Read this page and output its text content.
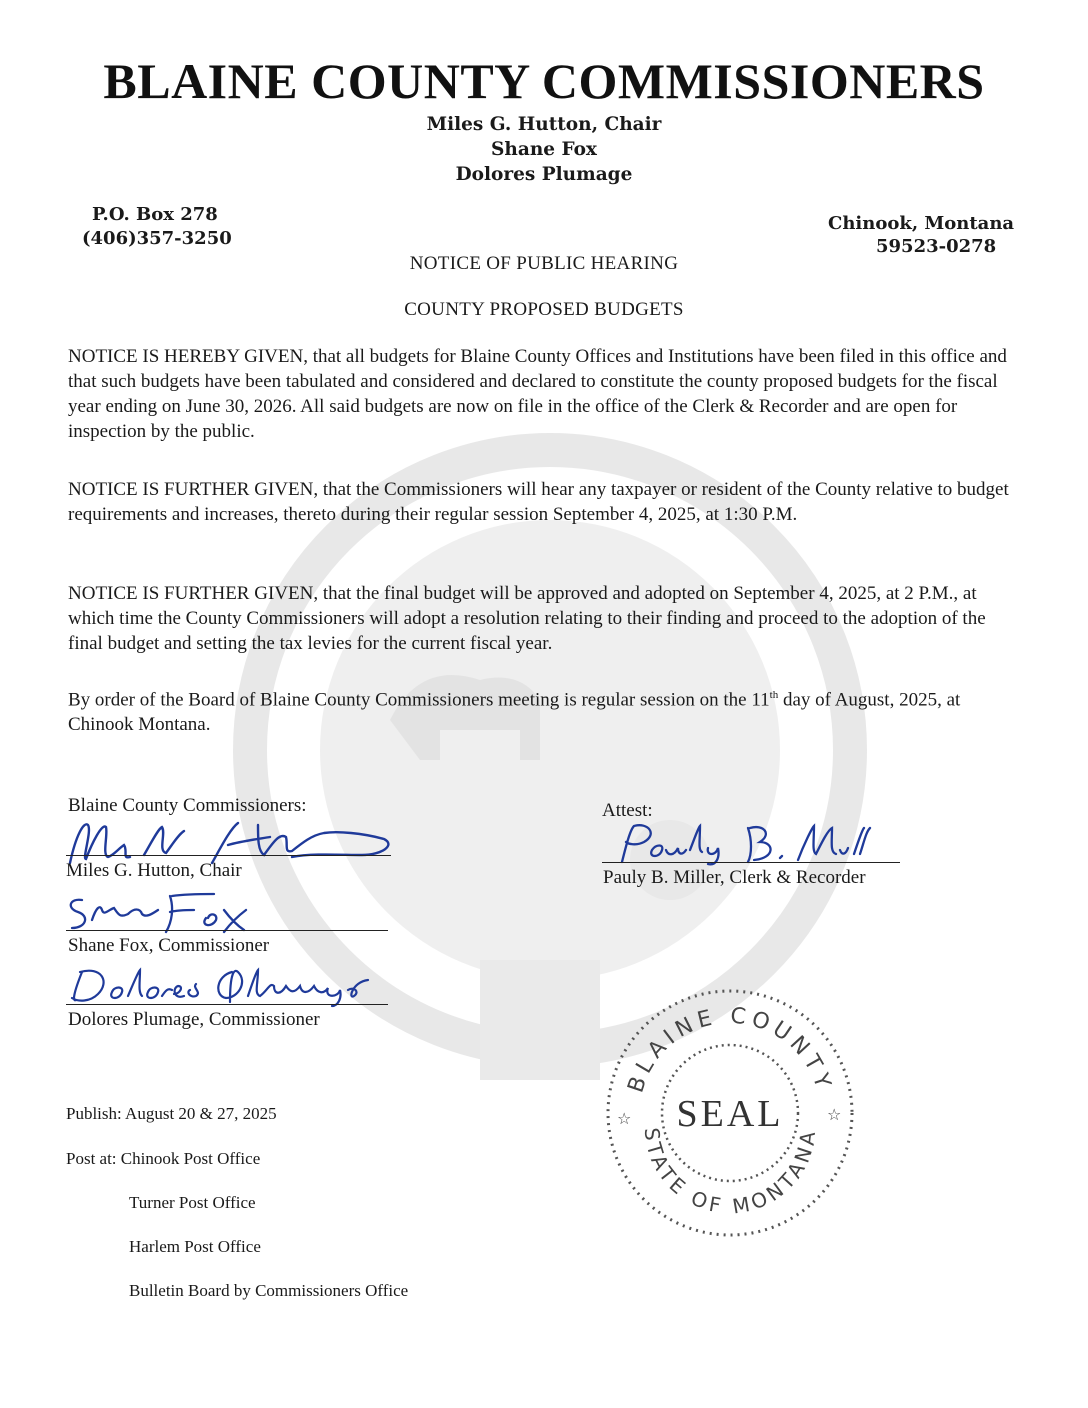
BLAINE COUNTY COMMISSIONERS
Miles G. Hutton, Chair
Shane Fox
Dolores Plumage
P.O. Box 278
(406)357-3250
Chinook, Montana
59523-0278
NOTICE OF PUBLIC HEARING
COUNTY PROPOSED BUDGETS

NOTICE IS HEREBY GIVEN, that all budgets for Blaine County Offices and Institutions have been filed in this office and that such budgets have been tabulated and considered and declared to constitute the county proposed budgets for the fiscal year ending on June 30, 2026. All said budgets are now on file in the office of the Clerk & Recorder and are open for inspection by the public.

NOTICE IS FURTHER GIVEN, that the Commissioners will hear any taxpayer or resident of the County relative to budget requirements and increases, thereto during their regular session September 4, 2025, at 1:30 P.M.

NOTICE IS FURTHER GIVEN, that the final budget will be approved and adopted on September 4, 2025, at 2 P.M., at which time the County Commissioners will adopt a resolution relating to their finding and proceed to the adoption of the final budget and setting the tax levies for the current fiscal year.

By order of the Board of Blaine County Commissioners meeting is regular session on the 11th day of August, 2025, at Chinook Montana.

Blaine County Commissioners:
Miles G. Hutton, Chair
Shane Fox, Commissioner
Dolores Plumage, Commissioner
Attest:
Pauly B. Miller, Clerk & Recorder
BLAINE COUNTY
STATE OF MONTANA
SEAL
☆	☆
Publish: August 20 & 27, 2025
Post at: Chinook Post Office
Turner Post Office
Harlem Post Office
Bulletin Board by Commissioners Office
